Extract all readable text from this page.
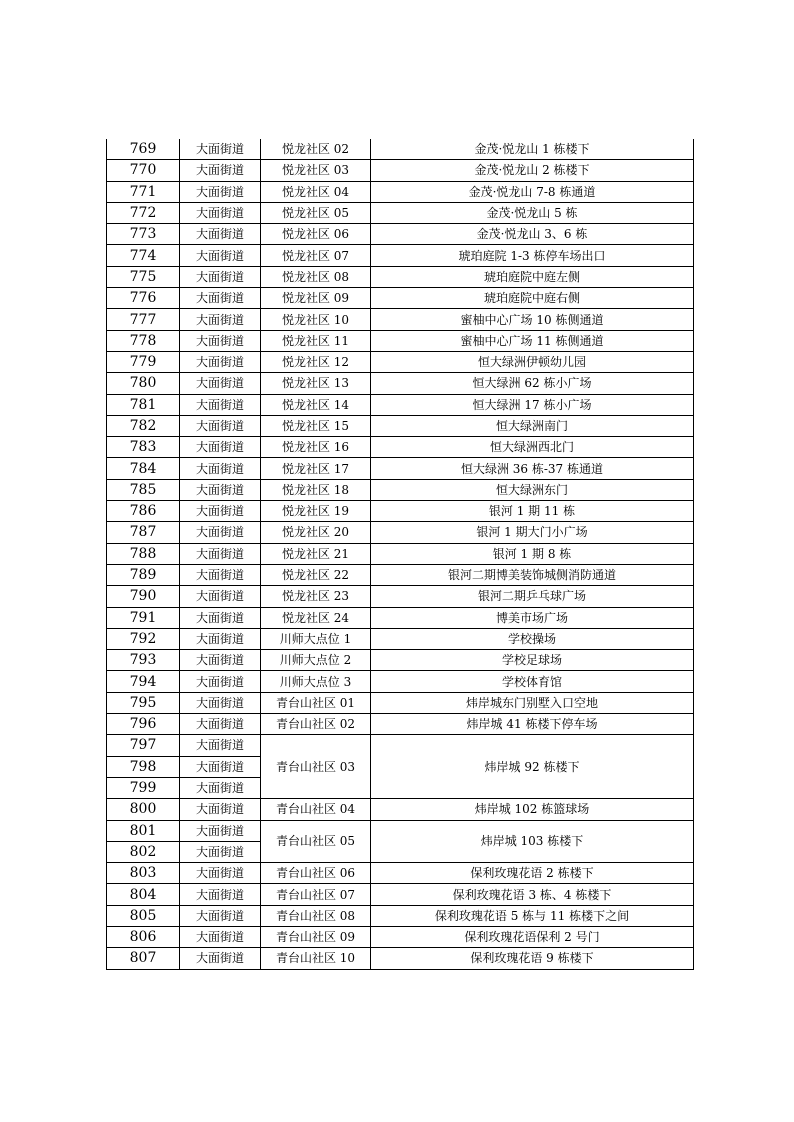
769	大面街道	悦龙社区 02	金茂·悦龙山 1 栋楼下
770	大面街道	悦龙社区 03	金茂·悦龙山 2 栋楼下
771	大面街道	悦龙社区 04	金茂·悦龙山 7-8 栋通道
772	大面街道	悦龙社区 05	金茂·悦龙山 5 栋
773	大面街道	悦龙社区 06	金茂·悦龙山 3、6 栋
774	大面街道	悦龙社区 07	琥珀庭院 1-3 栋停车场出口
775	大面街道	悦龙社区 08	琥珀庭院中庭左侧
776	大面街道	悦龙社区 09	琥珀庭院中庭右侧
777	大面街道	悦龙社区 10	蜜柚中心广场 10 栋侧通道
778	大面街道	悦龙社区 11	蜜柚中心广场 11 栋侧通道
779	大面街道	悦龙社区 12	恒大绿洲伊顿幼儿园
780	大面街道	悦龙社区 13	恒大绿洲 62 栋小广场
781	大面街道	悦龙社区 14	恒大绿洲 17 栋小广场
782	大面街道	悦龙社区 15	恒大绿洲南门
783	大面街道	悦龙社区 16	恒大绿洲西北门
784	大面街道	悦龙社区 17	恒大绿洲 36 栋-37 栋通道
785	大面街道	悦龙社区 18	恒大绿洲东门
786	大面街道	悦龙社区 19	银河 1 期 11 栋
787	大面街道	悦龙社区 20	银河 1 期大门小广场
788	大面街道	悦龙社区 21	银河 1 期 8 栋
789	大面街道	悦龙社区 22	银河二期博美装饰城侧消防通道
790	大面街道	悦龙社区 23	银河二期乒乓球广场
791	大面街道	悦龙社区 24	博美市场广场
792	大面街道	川师大点位 1	学校操场
793	大面街道	川师大点位 2	学校足球场
794	大面街道	川师大点位 3	学校体育馆
795	大面街道	青台山社区 01	炜岸城东门别墅入口空地
796	大面街道	青台山社区 02	炜岸城 41 栋楼下停车场
797	大面街道	青台山社区 03	炜岸城 92 栋楼下
798	大面街道		
799	大面街道		
800	大面街道	青台山社区 04	炜岸城 102 栋篮球场
801	大面街道	青台山社区 05	炜岸城 103 栋楼下
802	大面街道		
803	大面街道	青台山社区 06	保利玫瑰花语 2 栋楼下
804	大面街道	青台山社区 07	保利玫瑰花语 3 栋、4 栋楼下
805	大面街道	青台山社区 08	保利玫瑰花语 5 栋与 11 栋楼下之间
806	大面街道	青台山社区 09	保利玫瑰花语保利 2 号门
807	大面街道	青台山社区 10	保利玫瑰花语 9 栋楼下
